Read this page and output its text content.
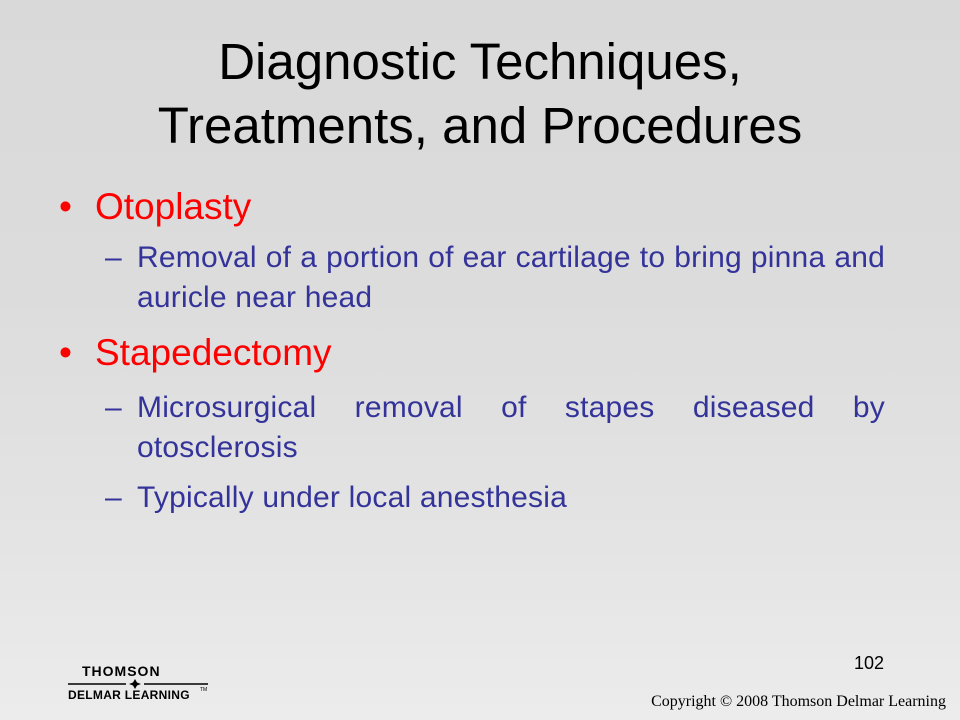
Diagnostic Techniques,
Treatments, and Procedures
• Otoplasty
– Removal of a portion of ear cartilage to bring pinna and auricle near head
• Stapedectomy
– Microsurgical removal of stapes diseased by otosclerosis
– Typically under local anesthesia
102
THOMSON
DELMAR LEARNING TM
Copyright © 2008 Thomson Delmar Learning
